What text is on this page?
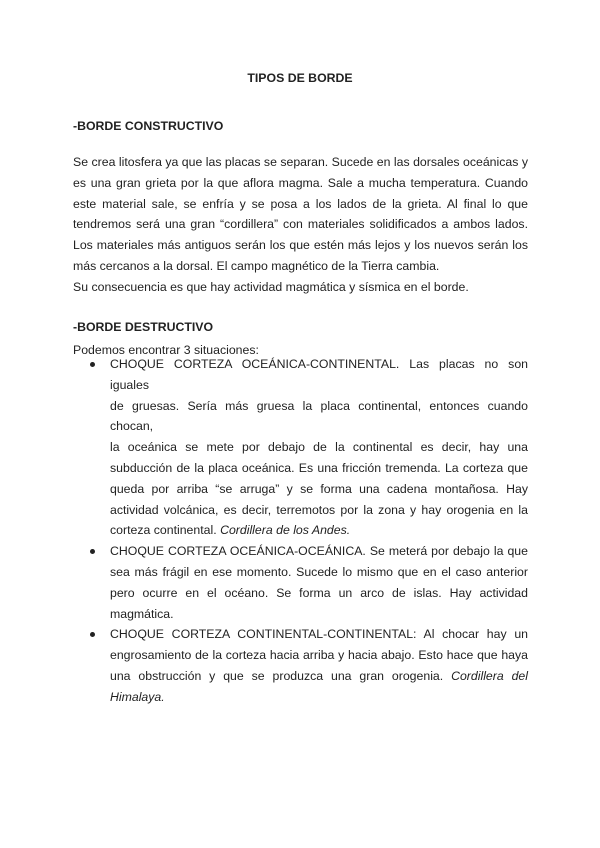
TIPOS DE BORDE
-BORDE CONSTRUCTIVO
Se crea litosfera ya que las placas se separan. Sucede en las dorsales oceánicas y
es una gran grieta por la que aflora magma. Sale a mucha temperatura. Cuando
este material sale, se enfría y se posa a los lados de la grieta. Al final lo que
tendremos será una gran “cordillera” con materiales solidificados a ambos lados.
Los materiales más antiguos serán los que estén más lejos y los nuevos serán los
más cercanos a la dorsal. El campo magnético de la Tierra cambia.
Su consecuencia es que hay actividad magmática y sísmica en el borde.
-BORDE DESTRUCTIVO

Podemos encontrar 3 situaciones:

CHOQUE CORTEZA OCEÁNICA-CONTINENTAL. Las placas no son iguales
de gruesas. Sería más gruesa la placa continental, entonces cuando chocan,
la oceánica se mete por debajo de la continental es decir, hay una
subducción de la placa oceánica. Es una fricción tremenda. La corteza que
queda por arriba “se arruga” y se forma una cadena montañosa. Hay
actividad volcánica, es decir, terremotos por la zona y hay orogenia en la
corteza continental. Cordillera de los Andes.
CHOQUE CORTEZA OCEÁNICA-OCEÁNICA. Se meterá por debajo la que
sea más frágil en ese momento. Sucede lo mismo que en el caso anterior
pero ocurre en el océano. Se forma un arco de islas. Hay actividad
magmática.
CHOQUE CORTEZA CONTINENTAL-CONTINENTAL: Al chocar hay un
engrosamiento de la corteza hacia arriba y hacia abajo. Esto hace que haya
una obstrucción y que se produzca una gran orogenia. Cordillera del
Himalaya.
